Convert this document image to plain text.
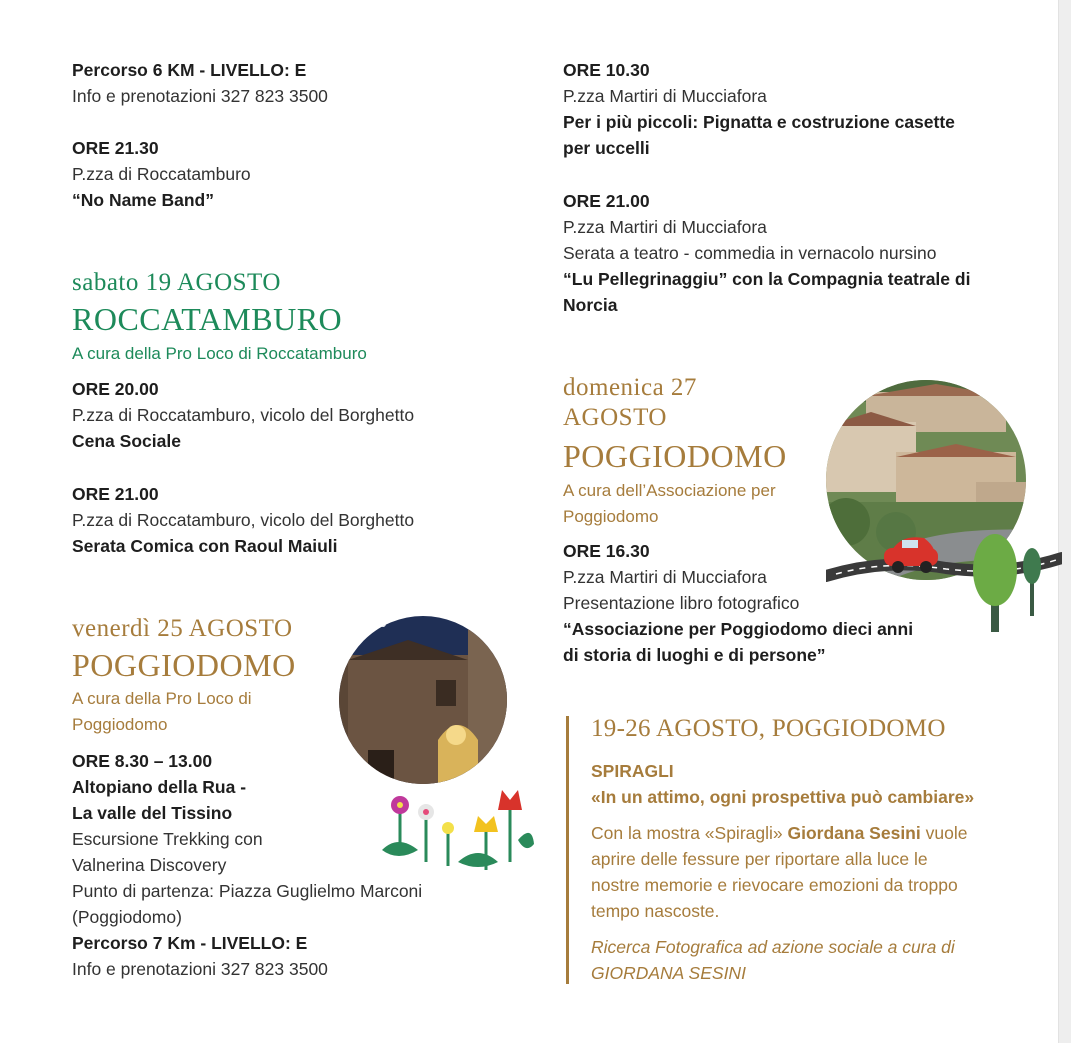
Percorso 6 KM - LIVELLO: E
Info e prenotazioni 327 823 3500
ORE 21.30
P.zza di Roccatamburo
“No Name Band”
sabato 19 AGOSTO
ROCCATAMBURO
A cura della Pro Loco di Roccatamburo
ORE 20.00
P.zza di Roccatamburo, vicolo del Borghetto
Cena Sociale
ORE 21.00
P.zza di Roccatamburo, vicolo del Borghetto
Serata Comica con Raoul Maiuli
venerdì 25 AGOSTO
POGGIODOMO
A cura della Pro Loco di
Poggiodomo
ORE 8.30 – 13.00
Altopiano della Rua -
La valle del Tissino
Escursione Trekking con
Valnerina Discovery
Punto di partenza: Piazza Guglielmo Marconi
(Poggiodomo)
Percorso 7 Km - LIVELLO: E
Info e prenotazioni 327 823 3500
ORE 10.30
P.zza Martiri di Mucciafora
Per i più piccoli: Pignatta e costruzione casette
per uccelli
ORE 21.00
P.zza Martiri di Mucciafora
Serata a teatro - commedia in vernacolo nursino
“Lu Pellegrinaggiu” con la Compagnia teatrale di
Norcia
domenica 27
AGOSTO
POGGIODOMO
A cura dell’Associazione per
Poggiodomo
ORE 16.30
P.zza Martiri di Mucciafora
Presentazione libro fotografico
“Associazione per Poggiodomo dieci anni
di storia di luoghi e di persone”
19-26 AGOSTO, POGGIODOMO
SPIRAGLI
«In un attimo, ogni prospettiva può cambiare»
Con la mostra «Spiragli» Giordana Sesini vuole
aprire delle fessure per riportare alla luce le
nostre memorie e rievocare emozioni da troppo
tempo nascoste.
Ricerca Fotografica ad azione sociale a cura di
GIORDANA SESINI
